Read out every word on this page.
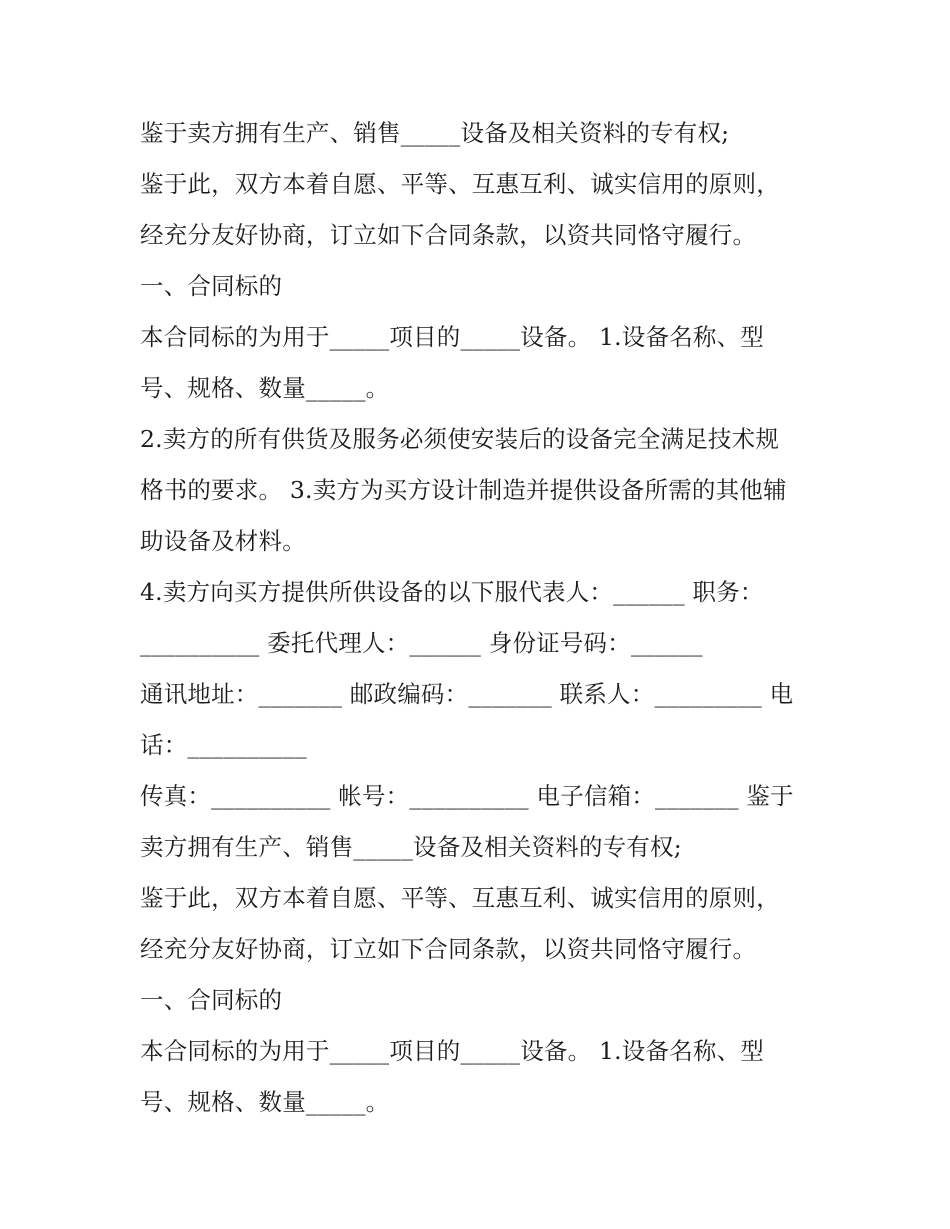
鉴于卖方拥有生产、销售_____设备及相关资料的专有权;
鉴于此，双方本着自愿、平等、互惠互利、诚实信用的原则，
经充分友好协商，订立如下合同条款，以资共同恪守履行。
一、合同标的
本合同标的为用于_____项目的_____设备。 1.设备名称、型
号、规格、数量_____。
2.卖方的所有供货及服务必须使安装后的设备完全满足技术规
格书的要求。 3.卖方为买方设计制造并提供设备所需的其他辅
助设备及材料。
4.卖方向买方提供所供设备的以下服代表人：______ 职务：
__________ 委托代理人：______ 身份证号码：______
通讯地址：_______ 邮政编码：_______ 联系人：_________ 电
话：__________
传真：__________ 帐号：__________ 电子信箱：_______ 鉴于
卖方拥有生产、销售_____设备及相关资料的专有权;
鉴于此，双方本着自愿、平等、互惠互利、诚实信用的原则，
经充分友好协商，订立如下合同条款，以资共同恪守履行。
一、合同标的
本合同标的为用于_____项目的_____设备。 1.设备名称、型
号、规格、数量_____。
